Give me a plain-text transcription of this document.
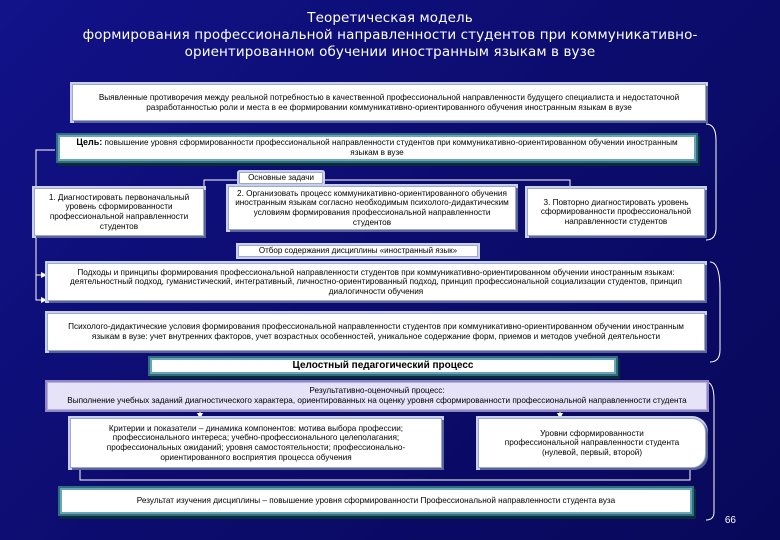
Теоретическая модель
формирования профессиональной направленности студентов при коммуникативно-
ориентированном обучении иностранным языкам в вузе
Выявленные противоречия между реальной потребностью в качественной профессиональной направленности будущего специалиста и недостаточной разработанностью роли и места в ее формировании коммуникативно-ориентированного обучения иностранным языкам в вузе
Цель: повышение уровня сформированности профессиональной направленности студентов при коммуникативно-ориентированном обучении иностранным языкам в вузе
Основные задачи
1. Диагностировать первоначальный уровень сформированности профессиональной направленности студентов
2. Организовать процесс коммуникативно-ориентированного обучения иностранным языкам согласно необходимым психолого-дидактическим условиям формирования профессиональной направленности студентов
3. Повторно диагностировать уровень сформированности профессиональной направленности студентов
Отбор содержания дисциплины «иностранный язык»
Подходы и принципы формирования профессиональной направленности студентов при коммуникативно-ориентированном обучении иностранным языкам: деятельностный подход, гуманистический, интегративный, личностно-ориентированный подход, принцип профессиональной социализации студентов, принцип диалогичности обучения
Психолого-дидактические условия формирования профессиональной направленности студентов при коммуникативно-ориентированном обучении иностранным языкам в вузе: учет внутренних факторов, учет возрастных особенностей, уникальное содержание форм, приемов и методов учебной деятельности
Целостный педагогический процесс
Результативно-оценочный процесс:
Выполнение учебных заданий диагностического характера, ориентированных на оценку уровня сформированности профессиональной направленности студента
Критерии и показатели – динамика компонентов: мотива выбора профессии; профессионального интереса; учебно-профессионального целеполагания; профессиональных ожиданий; уровня самостоятельности; профессионально-ориентированного восприятия процесса обучения
Уровни сформированности профессиональной направленности студента (нулевой, первый, второй)
Результат изучения дисциплины – повышение уровня сформированности Профессиональной направленности студента вуза
66
